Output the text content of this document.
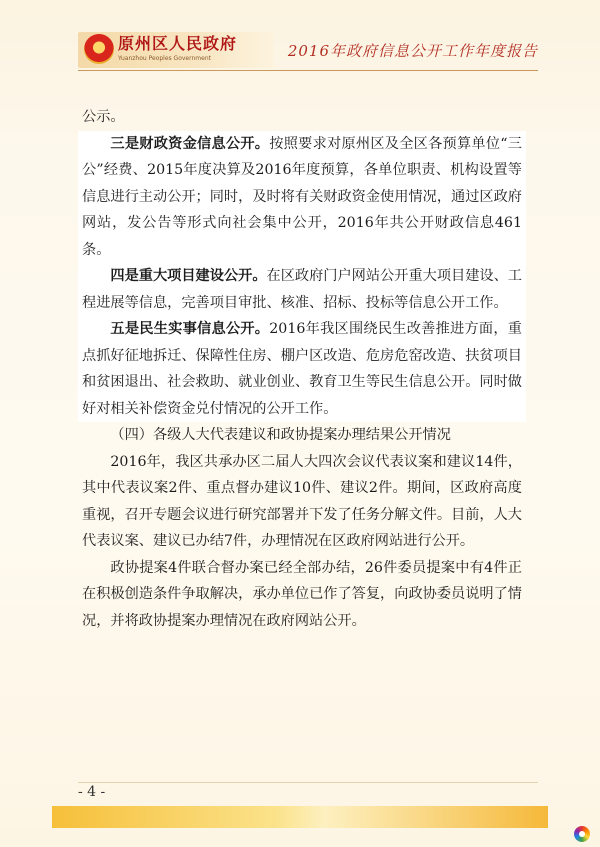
原州区人民政府
Yuanzhou Peoples Government	2016年政府信息公开工作年度报告

公示。

三是财政资金信息公开。按照要求对原州区及全区各预算单位“三公”经费、2015年度决算及2016年度预算，各单位职责、机构设置等信息进行主动公开；同时，及时将有关财政资金使用情况，通过区政府网站，发公告等形式向社会集中公开，2016年共公开财政信息461条。

四是重大项目建设公开。在区政府门户网站公开重大项目建设、工程进展等信息，完善项目审批、核准、招标、投标等信息公开工作。

五是民生实事信息公开。2016年我区围绕民生改善推进方面，重点抓好征地拆迁、保障性住房、棚户区改造、危房危窑改造、扶贫项目和贫困退出、社会救助、就业创业、教育卫生等民生信息公开。同时做好对相关补偿资金兑付情况的公开工作。

（四）各级人大代表建议和政协提案办理结果公开情况

2016年，我区共承办区二届人大四次会议代表议案和建议14件，其中代表议案2件、重点督办建议10件、建议2件。期间，区政府高度重视，召开专题会议进行研究部署并下发了任务分解文件。目前，人大代表议案、建议已办结7件，办理情况在区政府网站进行公开。

政协提案4件联合督办案已经全部办结，26件委员提案中有4件正在积极创造条件争取解决，承办单位已作了答复，向政协委员说明了情况，并将政协提案办理情况在政府网站公开。

- 4 -
